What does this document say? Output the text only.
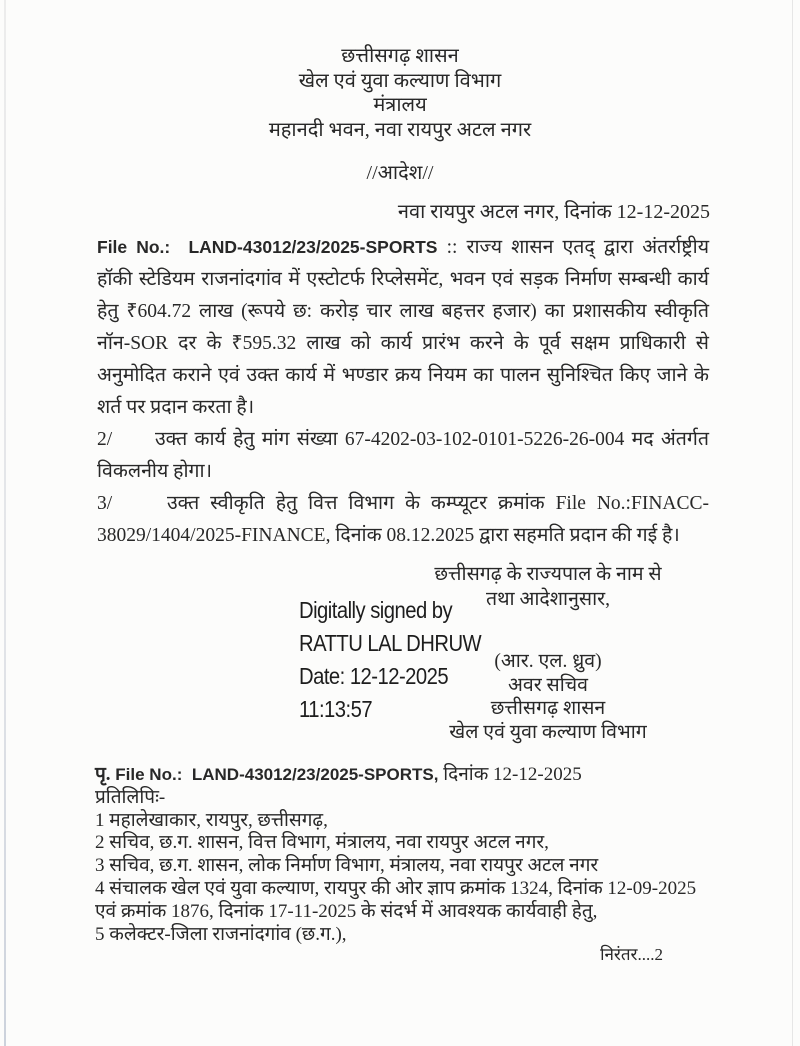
छत्तीसगढ़ शासन
खेल एवं युवा कल्याण विभाग
मंत्रालय
महानदी भवन, नवा रायपुर अटल नगर
//आदेश//
नवा रायपुर अटल नगर, दिनांक 12-12-2025

File No.: LAND-43012/23/2025-SPORTS :: राज्य शासन एतद् द्वारा अंतर्राष्ट्रीय हॉकी स्टेडियम राजनांदगांव में एस्टोटर्फ रिप्लेसमेंट, भवन एवं सड़क निर्माण सम्बन्धी कार्य हेतु ₹604.72 लाख (रूपये छ: करोड़ चार लाख बहत्तर हजार) का प्रशासकीय स्वीकृति नॉन-SOR दर के ₹595.32 लाख को कार्य प्रारंभ करने के पूर्व सक्षम प्राधिकारी से अनुमोदित कराने एवं उक्त कार्य में भण्डार क्रय नियम का पालन सुनिश्चित किए जाने के शर्त पर प्रदान करता है।

2/ उक्त कार्य हेतु मांग संख्या 67-4202-03-102-0101-5226-26-004 मद अंतर्गत विकलनीय होगा।

3/	उक्त स्वीकृति हेतु वित्त विभाग के कम्प्यूटर क्रमांक File No.:FINACC-38029/1404/2025-FINANCE, दिनांक 08.12.2025 द्वारा सहमति प्रदान की गई है।

Digitally signed by
RATTU LAL DHRUW
Date: 12-12-2025
11:13:57
छत्तीसगढ़ के राज्यपाल के नाम से
तथा आदेशानुसार,
(आर. एल. ध्रुव)
अवर सचिव
छत्तीसगढ़ शासन
खेल एवं युवा कल्याण विभाग
पृ. File No.: LAND-43012/23/2025-SPORTS, दिनांक 12-12-2025
प्रतिलिपिः-
1 महालेखाकार, रायपुर, छत्तीसगढ़,
2 सचिव, छ.ग. शासन, वित्त विभाग, मंत्रालय, नवा रायपुर अटल नगर,
3 सचिव, छ.ग. शासन, लोक निर्माण विभाग, मंत्रालय, नवा रायपुर अटल नगर
4 संचालक खेल एवं युवा कल्याण, रायपुर की ओर ज्ञाप क्रमांक 1324, दिनांक 12-09-2025 एवं क्रमांक 1876, दिनांक 17-11-2025 के संदर्भ में आवश्यक कार्यवाही हेतु,
5 कलेक्टर-जिला राजनांदगांव (छ.ग.),
निरंतर....2
